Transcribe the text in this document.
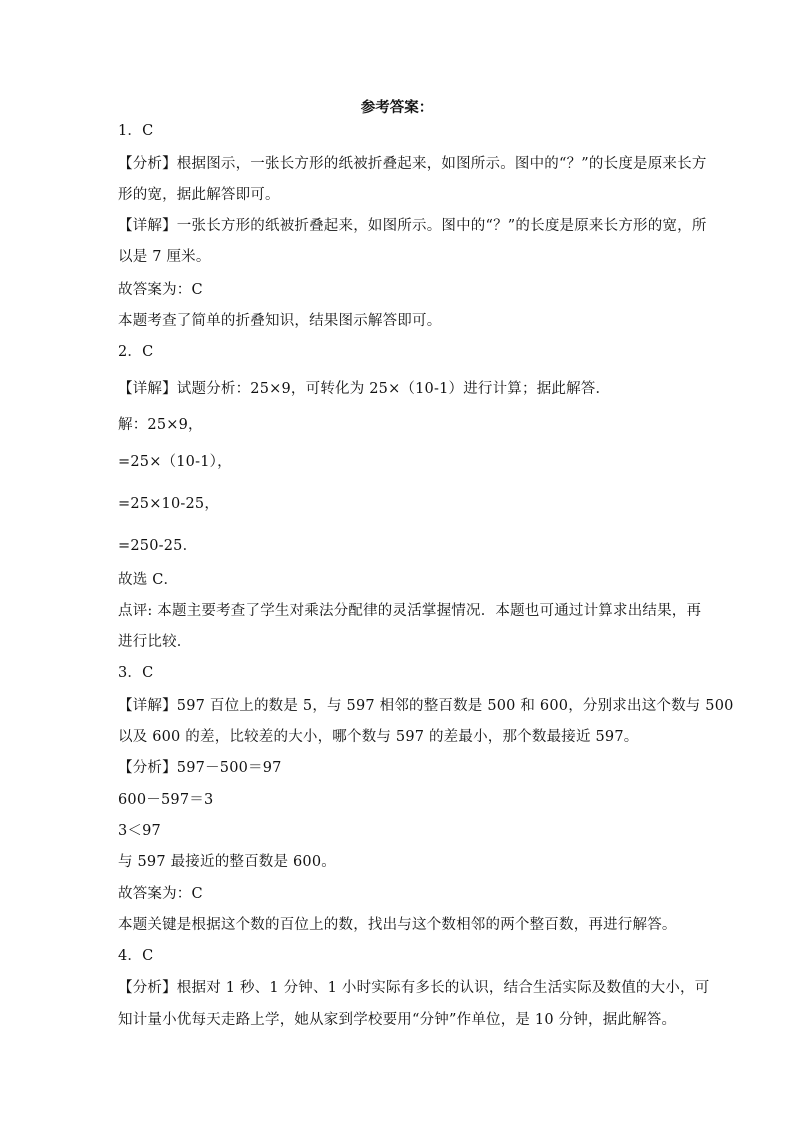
参考答案：
1．C
【分析】根据图示，一张长方形的纸被折叠起来，如图所示。图中的“？”的长度是原来长方
形的宽，据此解答即可。
【详解】一张长方形的纸被折叠起来，如图所示。图中的“？”的长度是原来长方形的宽，所
以是 7 厘米。
故答案为：C
本题考查了简单的折叠知识，结果图示解答即可。
2．C
【详解】试题分析：25×9，可转化为 25×（10-1）进行计算；据此解答．
解：25×9，
=25×（10-1），
=25×10-25，
=250-25．
故选 C．
点评: 本题主要考查了学生对乘法分配律的灵活掌握情况．本题也可通过计算求出结果，再
进行比较．
3．C
【详解】597 百位上的数是 5，与 597 相邻的整百数是 500 和 600，分别求出这个数与 500
以及 600 的差，比较差的大小，哪个数与 597 的差最小，那个数最接近 597。
【分析】597－500＝97
600－597＝3
3＜97
与 597 最接近的整百数是 600。
故答案为：C
本题关键是根据这个数的百位上的数，找出与这个数相邻的两个整百数，再进行解答。
4．C
【分析】根据对 1 秒、1 分钟、1 小时实际有多长的认识，结合生活实际及数值的大小，可
知计量小优每天走路上学，她从家到学校要用“分钟”作单位，是 10 分钟，据此解答。
